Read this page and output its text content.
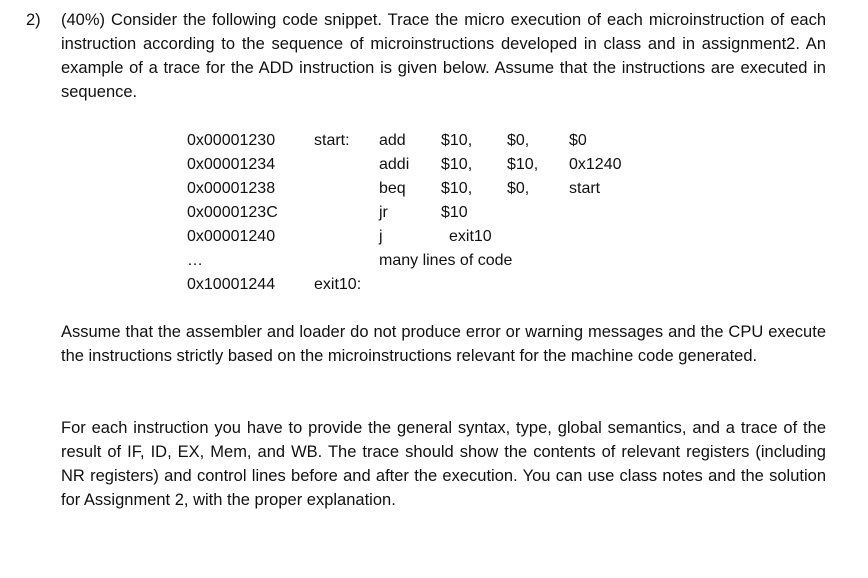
2) (40%) Consider the following code snippet. Trace the micro execution of each microinstruction of each instruction according to the sequence of microinstructions developed in class and in assignment2. An example of a trace for the ADD instruction is given below. Assume that the instructions are executed in sequence.
0x00001230 start: add $10, $0, $0
0x00001234	addi $10, $10, 0x1240
0x00001238	beq $10, $0, start
0x0000123C	jr	$10
0x00001240	j	exit10
…	many lines of code
0x10001244 exit10:
Assume that the assembler and loader do not produce error or warning messages and the CPU execute the instructions strictly based on the microinstructions relevant for the machine code generated.
For each instruction you have to provide the general syntax, type, global semantics, and a trace of the result of IF, ID, EX, Mem, and WB. The trace should show the contents of relevant registers (including NR registers) and control lines before and after the execution. You can use class notes and the solution for Assignment 2, with the proper explanation.
